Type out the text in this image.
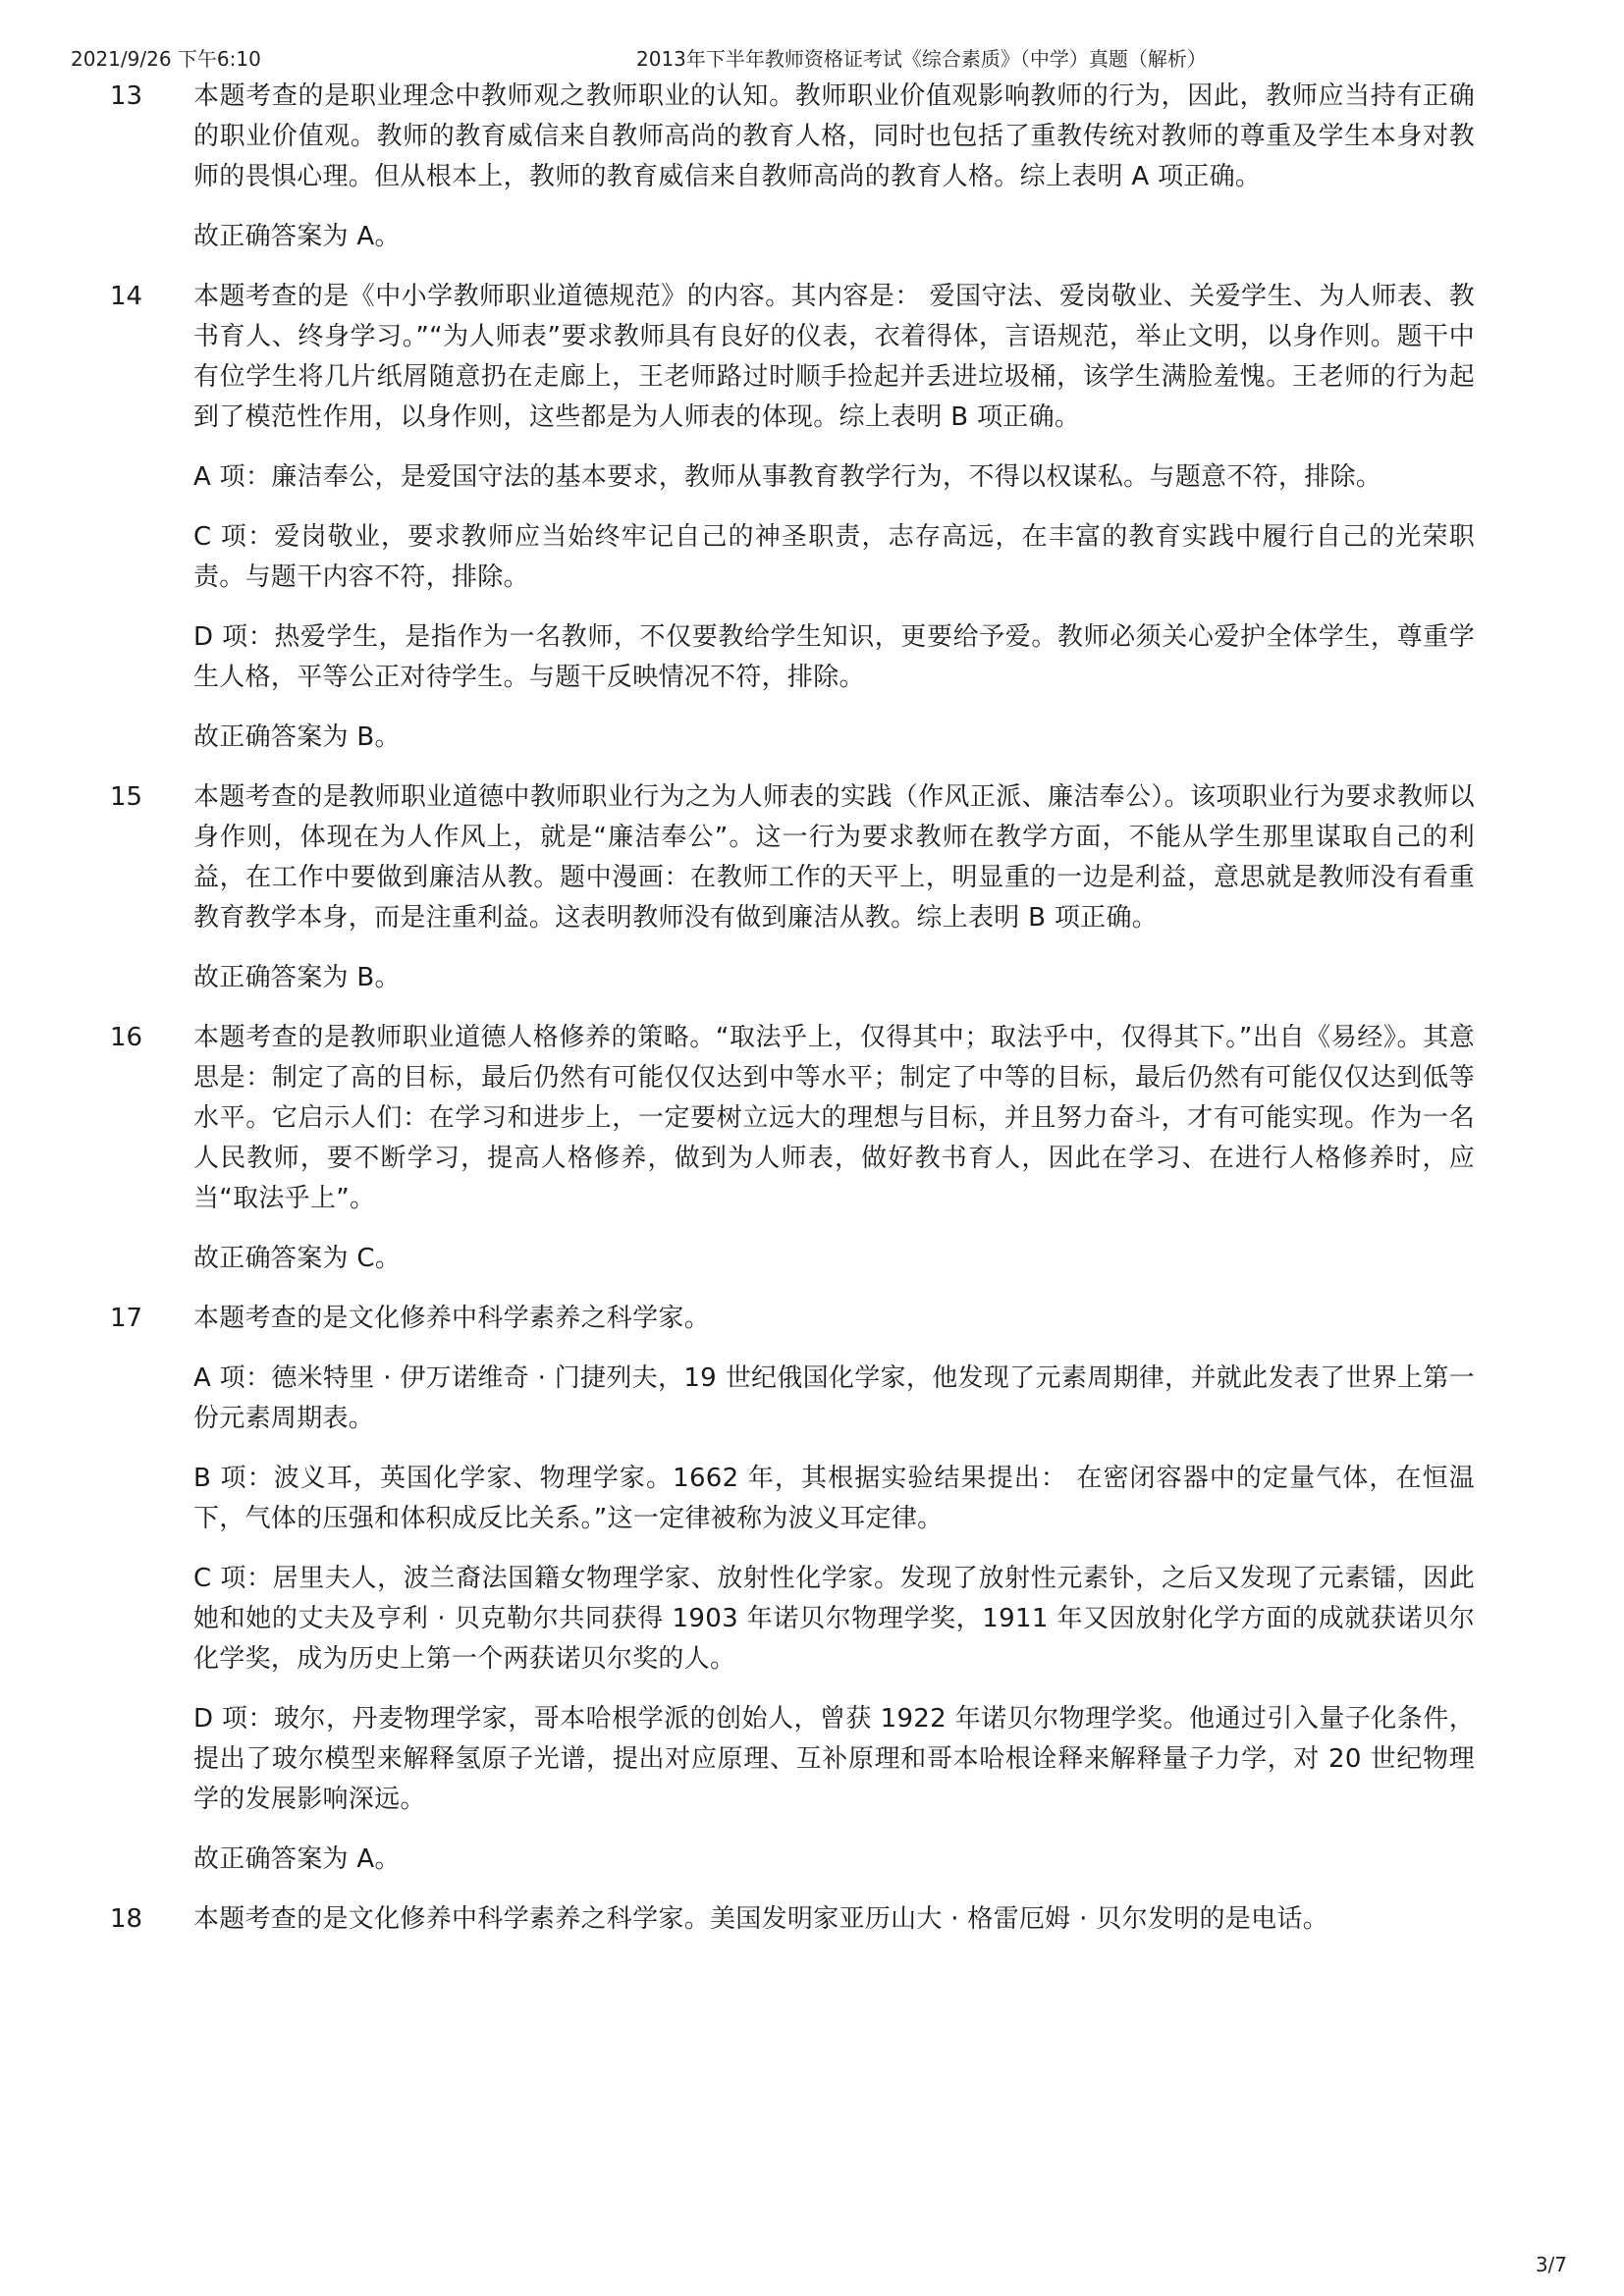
2021/9/26 下午6:10	2013年下半年教师资格证考试《综合素质》（中学）真题（解析）
13	本题考查的是职业理念中教师观之教师职业的认知。教师职业价值观影响教师的行为，因此，教师应当持有正确的职业价值观。教师的教育威信来自教师高尚的教育人格，同时也包括了重教传统对教师的尊重及学生本身对教师的畏惧心理。但从根本上，教师的教育威信来自教师高尚的教育人格。综上表明 A 项正确。

故正确答案为 A。

14	本题考查的是《中小学教师职业道德规范》的内容。其内容是： 爱国守法、爱岗敬业、关爱学生、为人师表、教书育人、终身学习。”“为人师表”要求教师具有良好的仪表，衣着得体，言语规范，举止文明，以身作则。题干中有位学生将几片纸屑随意扔在走廊上，王老师路过时顺手捡起并丢进垃圾桶，该学生满脸羞愧。王老师的行为起到了模范性作用，以身作则，这些都是为人师表的体现。综上表明 B 项正确。

A 项：廉洁奉公，是爱国守法的基本要求，教师从事教育教学行为，不得以权谋私。与题意不符，排除。

C 项：爱岗敬业，要求教师应当始终牢记自己的神圣职责，志存高远，在丰富的教育实践中履行自己的光荣职责。与题干内容不符，排除。

D 项：热爱学生，是指作为一名教师，不仅要教给学生知识，更要给予爱。教师必须关心爱护全体学生，尊重学生人格，平等公正对待学生。与题干反映情况不符，排除。

故正确答案为 B。

15	本题考查的是教师职业道德中教师职业行为之为人师表的实践（作风正派、廉洁奉公）。该项职业行为要求教师以身作则，体现在为人作风上，就是“廉洁奉公”。这一行为要求教师在教学方面，不能从学生那里谋取自己的利益，在工作中要做到廉洁从教。题中漫画：在教师工作的天平上，明显重的一边是利益，意思就是教师没有看重教育教学本身，而是注重利益。这表明教师没有做到廉洁从教。综上表明 B 项正确。

故正确答案为 B。

16	本题考查的是教师职业道德人格修养的策略。“取法乎上，仅得其中；取法乎中，仅得其下。”出自《易经》。其意思是：制定了高的目标，最后仍然有可能仅仅达到中等水平；制定了中等的目标，最后仍然有可能仅仅达到低等水平。它启示人们：在学习和进步上，一定要树立远大的理想与目标，并且努力奋斗，才有可能实现。作为一名人民教师，要不断学习，提高人格修养，做到为人师表，做好教书育人，因此在学习、在进行人格修养时，应当“取法乎上”。

故正确答案为 C。

17	本题考查的是文化修养中科学素养之科学家。

A 项：德米特里 · 伊万诺维奇 · 门捷列夫，19 世纪俄国化学家，他发现了元素周期律，并就此发表了世界上第一份元素周期表。

B 项：波义耳，英国化学家、物理学家。1662 年，其根据实验结果提出： 在密闭容器中的定量气体，在恒温下，气体的压强和体积成反比关系。”这一定律被称为波义耳定律。

C 项：居里夫人，波兰裔法国籍女物理学家、放射性化学家。发现了放射性元素钋，之后又发现了元素镭，因此她和她的丈夫及亨利 · 贝克勒尔共同获得 1903 年诺贝尔物理学奖，1911 年又因放射化学方面的成就获诺贝尔化学奖，成为历史上第一个两获诺贝尔奖的人。

D 项：玻尔，丹麦物理学家，哥本哈根学派的创始人，曾获 1922 年诺贝尔物理学奖。他通过引入量子化条件，提出了玻尔模型来解释氢原子光谱，提出对应原理、互补原理和哥本哈根诠释来解释量子力学，对 20 世纪物理学的发展影响深远。

故正确答案为 A。

18	本题考查的是文化修养中科学素养之科学家。美国发明家亚历山大 · 格雷厄姆 · 贝尔发明的是电话。

3/7
